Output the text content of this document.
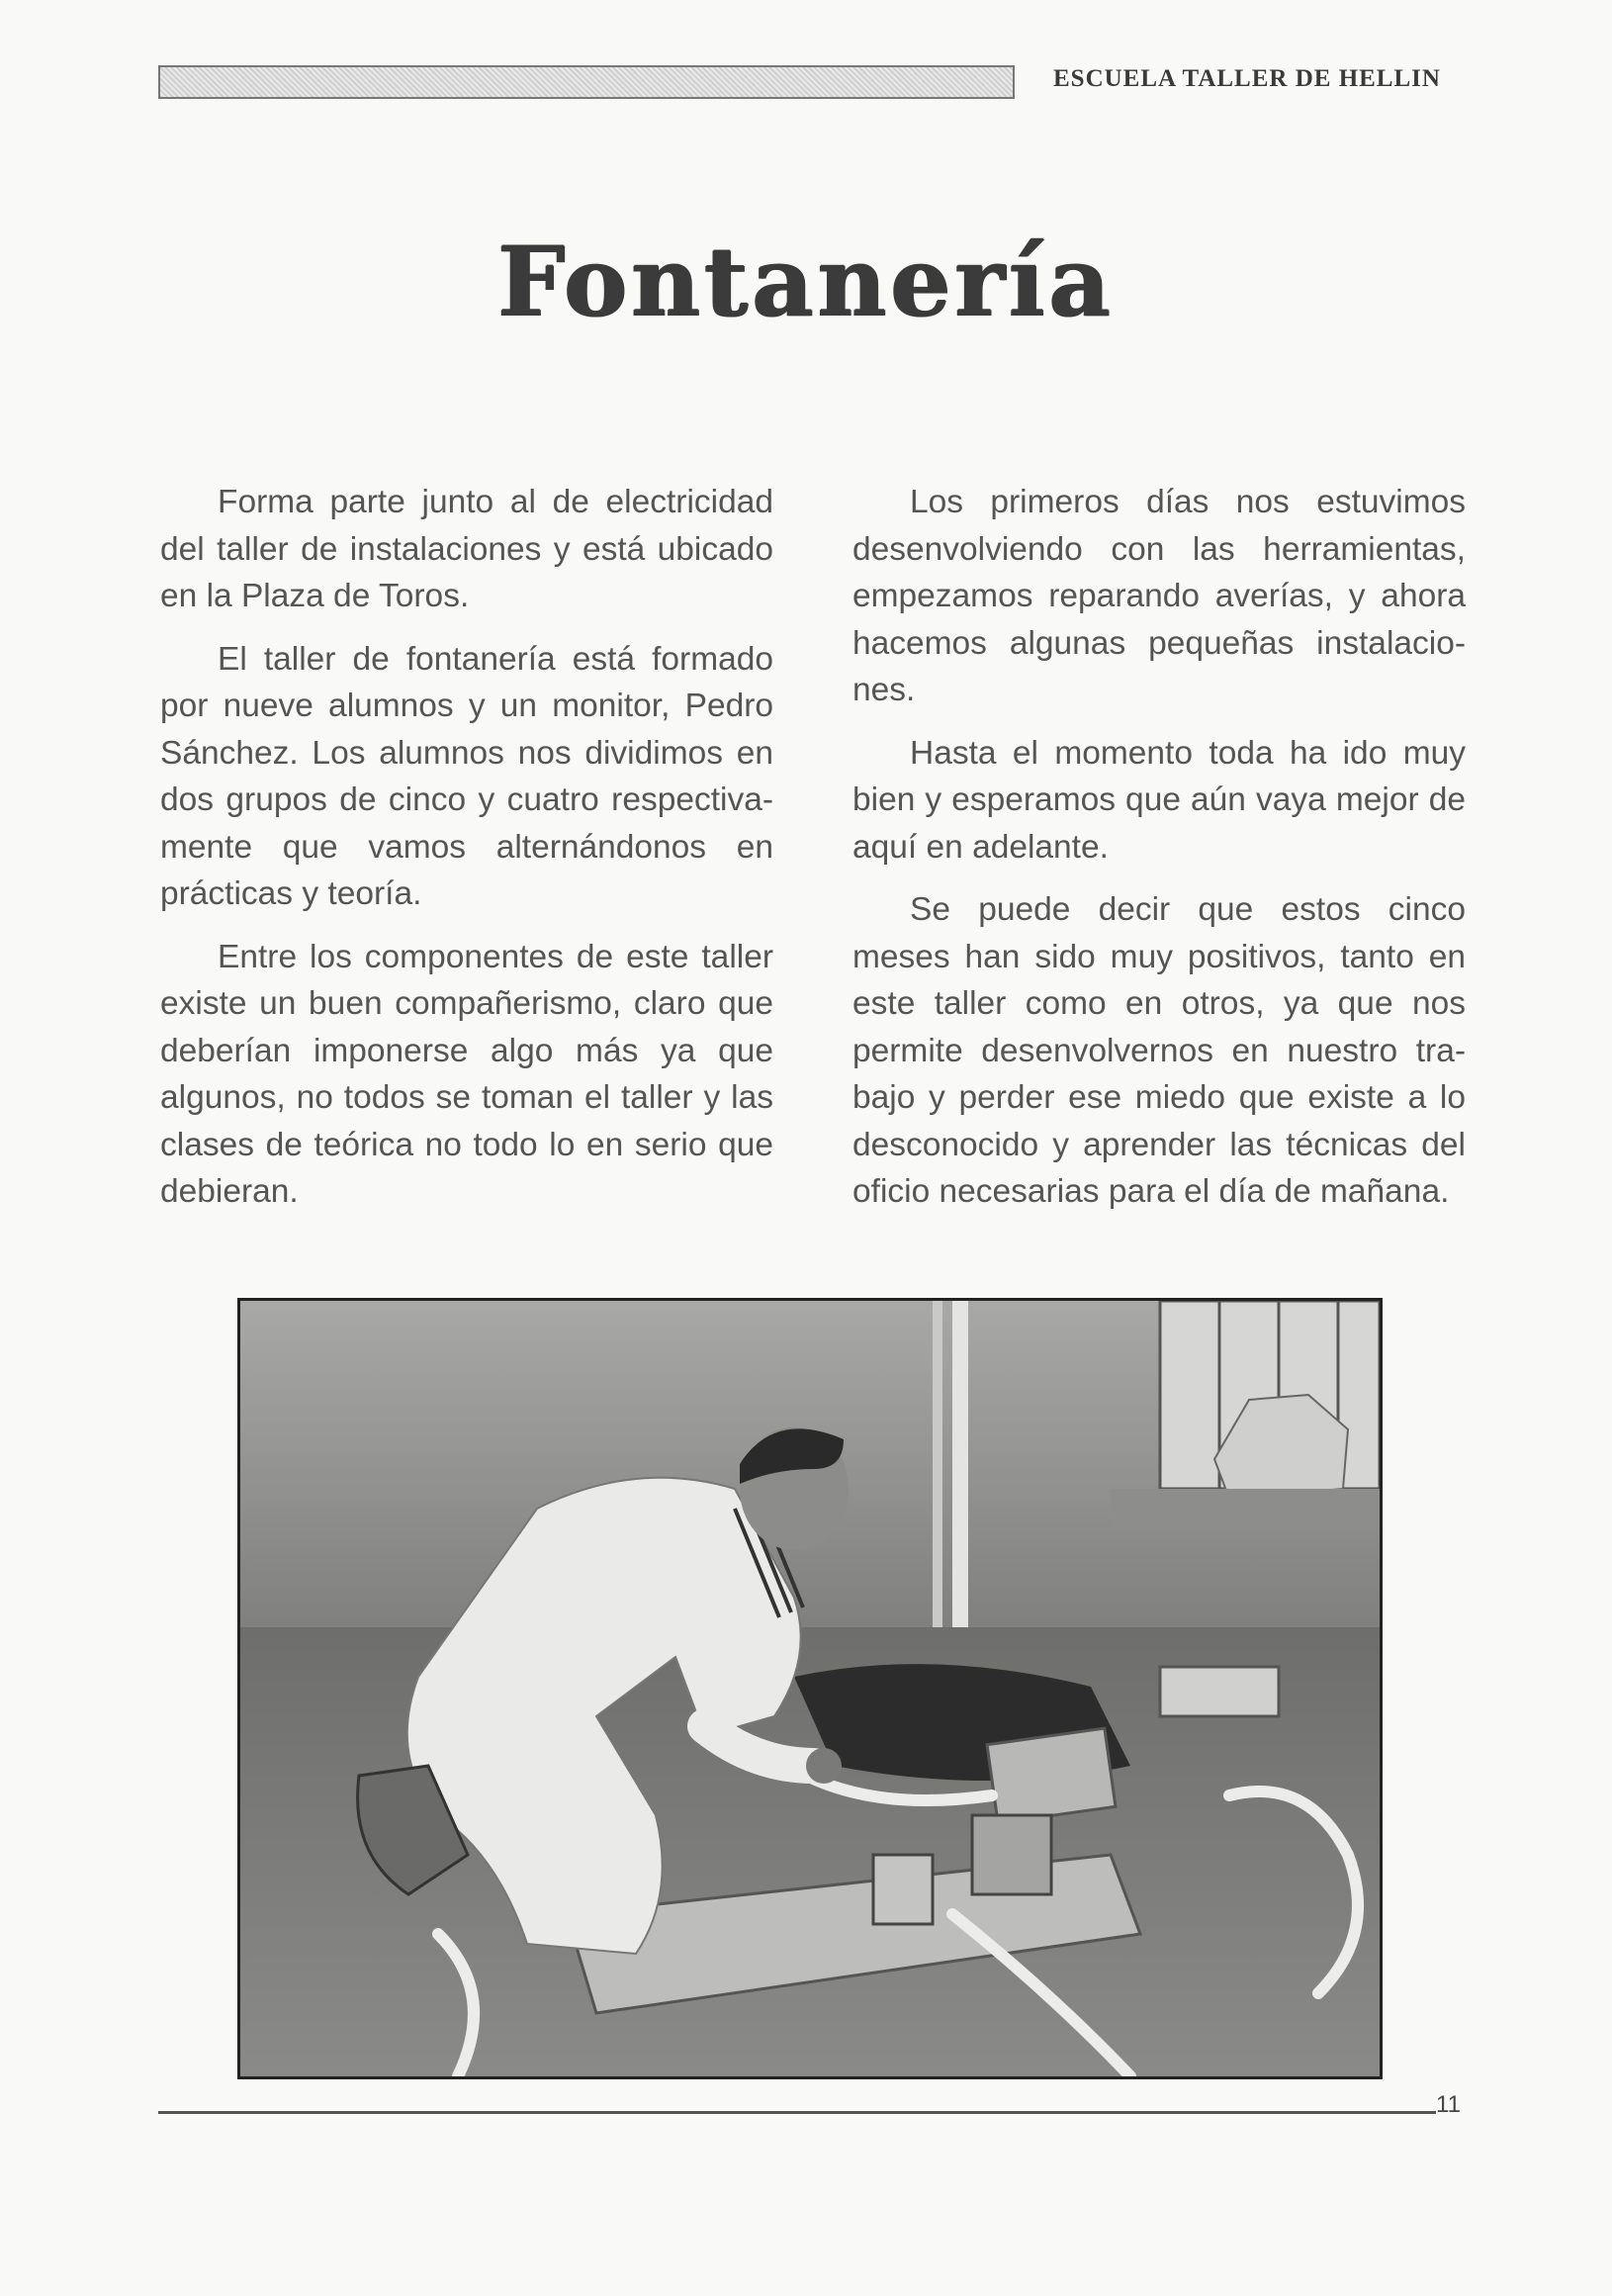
ESCUELA TALLER DE HELLIN
Fontanería

Forma parte junto al de electricidad del taller de instalaciones y está ubicado en la Plaza de Toros.

El taller de fontanería está formado por nueve alumnos y un monitor, Pedro Sánchez. Los alumnos nos dividimos en dos grupos de cinco y cuatro respectivamente que vamos alternándonos en prácticas y teoría.

Entre los componentes de este taller existe un buen compañerismo, claro que deberían imponerse algo más ya que algunos, no todos se toman el taller y las clases de teórica no todo lo en serio que debieran.

Los primeros días nos estuvimos desenvolviendo con las herramientas, empezamos reparando averías, y ahora hacemos algunas pequeñas instalaciones.

Hasta el momento toda ha ido muy bien y esperamos que aún vaya mejor de aquí en adelante.

Se puede decir que estos cinco meses han sido muy positivos, tanto en este taller como en otros, ya que nos permite desenvolvernos en nuestro trabajo y perder ese miedo que existe a lo desconocido y aprender las técnicas del oficio necesarias para el día de mañana.

11
